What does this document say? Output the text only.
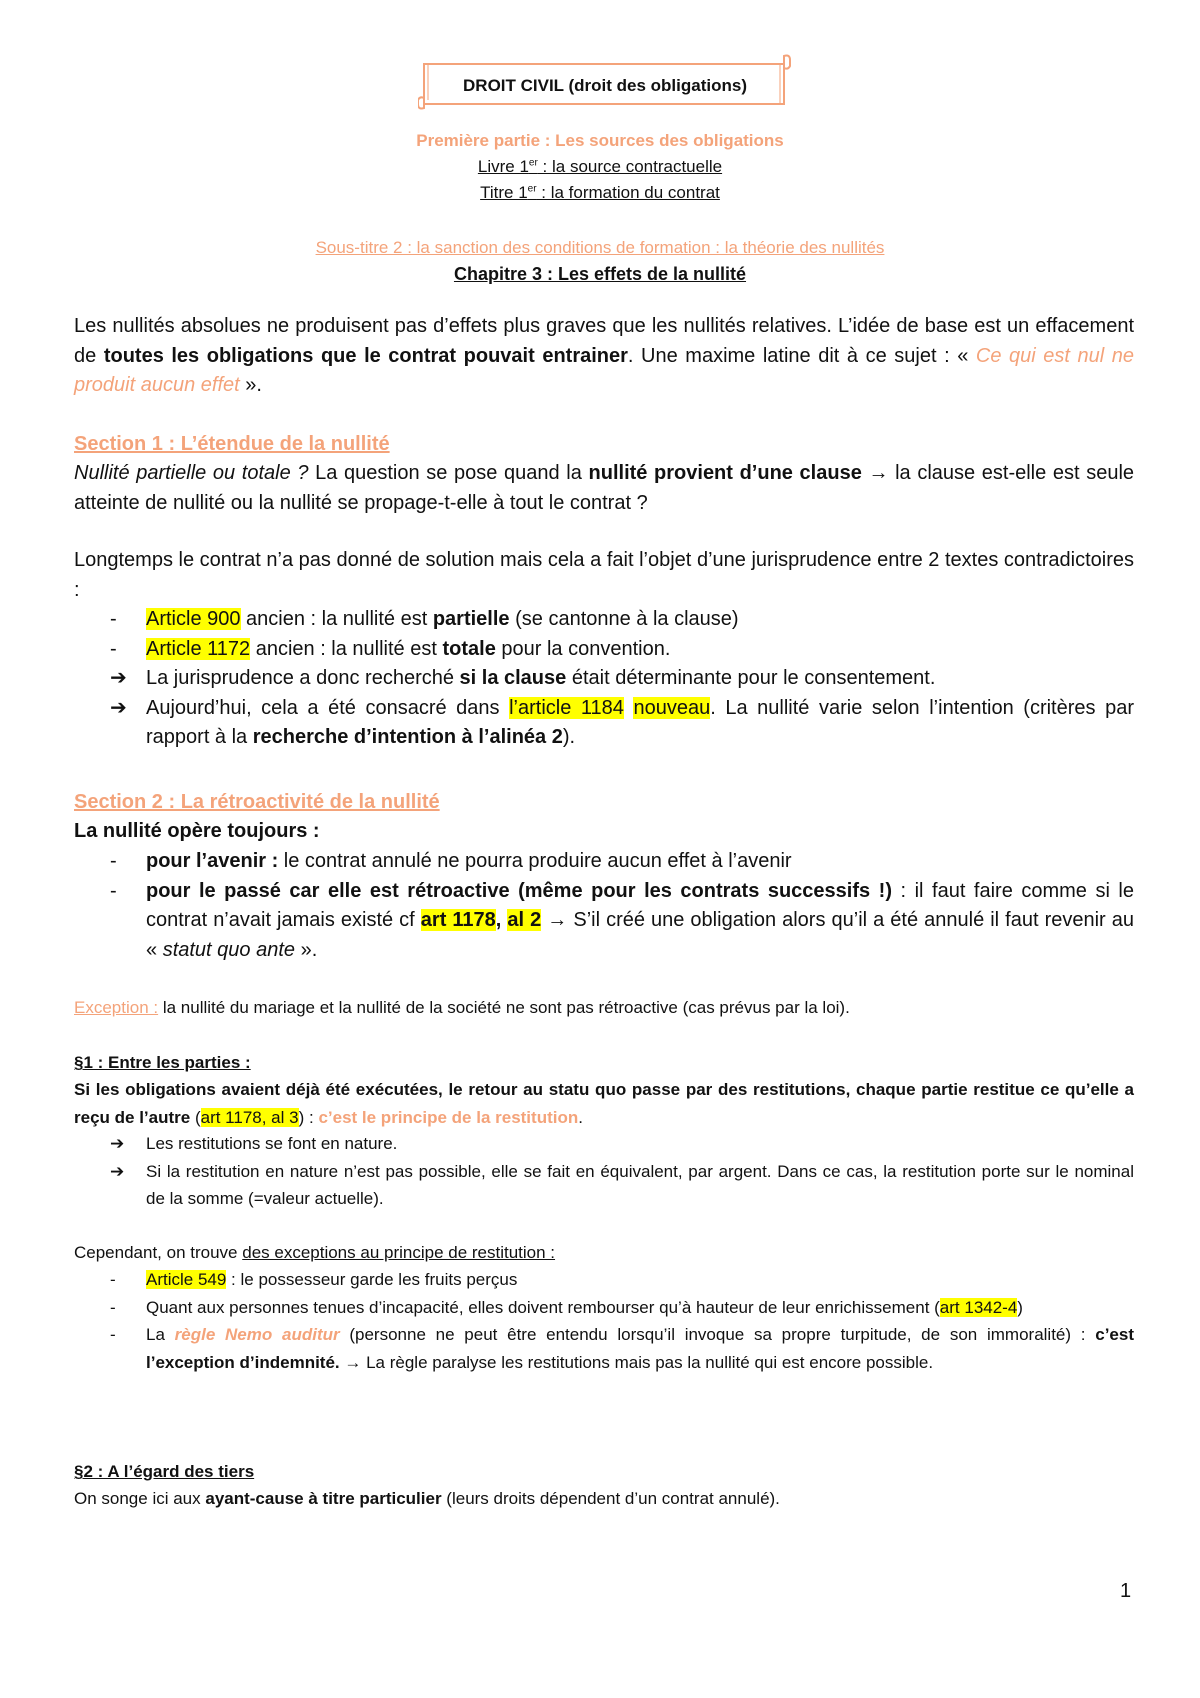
DROIT CIVIL (droit des obligations)
Première partie : Les sources des obligations
Livre 1er : la source contractuelle
Titre 1er : la formation du contrat
Sous-titre 2 : la sanction des conditions de formation : la théorie des nullités
Chapitre 3 : Les effets de la nullité
Les nullités absolues ne produisent pas d’effets plus graves que les nullités relatives. L’idée de base est un effacement de toutes les obligations que le contrat pouvait entrainer. Une maxime latine dit à ce sujet : « Ce qui est nul ne produit aucun effet ».
Section 1 : L’étendue de la nullité
Nullité partielle ou totale ? La question se pose quand la nullité provient d’une clause → la clause est-elle est seule atteinte de nullité ou la nullité se propage-t-elle à tout le contrat ?
Longtemps le contrat n’a pas donné de solution mais cela a fait l’objet d’une jurisprudence entre 2 textes contradictoires :
- Article 900 ancien : la nullité est partielle (se cantonne à la clause)
- Article 1172 ancien : la nullité est totale pour la convention.
➔ La jurisprudence a donc recherché si la clause était déterminante pour le consentement.
➔ Aujourd’hui, cela a été consacré dans l’article 1184 nouveau. La nullité varie selon l’intention (critères par rapport à la recherche d’intention à l’alinéa 2).
Section 2 : La rétroactivité de la nullité
La nullité opère toujours :
- pour l’avenir : le contrat annulé ne pourra produire aucun effet à l’avenir
- pour le passé car elle est rétroactive (même pour les contrats successifs !) : il faut faire comme si le contrat n’avait jamais existé cf art 1178, al 2 → S’il créé une obligation alors qu’il a été annulé il faut revenir au « statut quo ante ».
Exception : la nullité du mariage et la nullité de la société ne sont pas rétroactive (cas prévus par la loi).
§1 : Entre les parties :
Si les obligations avaient déjà été exécutées, le retour au statu quo passe par des restitutions, chaque partie restitue ce qu’elle a reçu de l’autre (art 1178, al 3) : c’est le principe de la restitution.
➔ Les restitutions se font en nature.
➔ Si la restitution en nature n’est pas possible, elle se fait en équivalent, par argent. Dans ce cas, la restitution porte sur le nominal de la somme (=valeur actuelle).
Cependant, on trouve des exceptions au principe de restitution :
- Article 549 : le possesseur garde les fruits perçus
- Quant aux personnes tenues d’incapacité, elles doivent rembourser qu’à hauteur de leur enrichissement (art 1342-4)
- La règle Nemo auditur (personne ne peut être entendu lorsqu’il invoque sa propre turpitude, de son immoralité) : c’est l’exception d’indemnité. → La règle paralyse les restitutions mais pas la nullité qui est encore possible.
§2 : A l’égard des tiers
On songe ici aux ayant-cause à titre particulier (leurs droits dépendent d’un contrat annulé).
1
